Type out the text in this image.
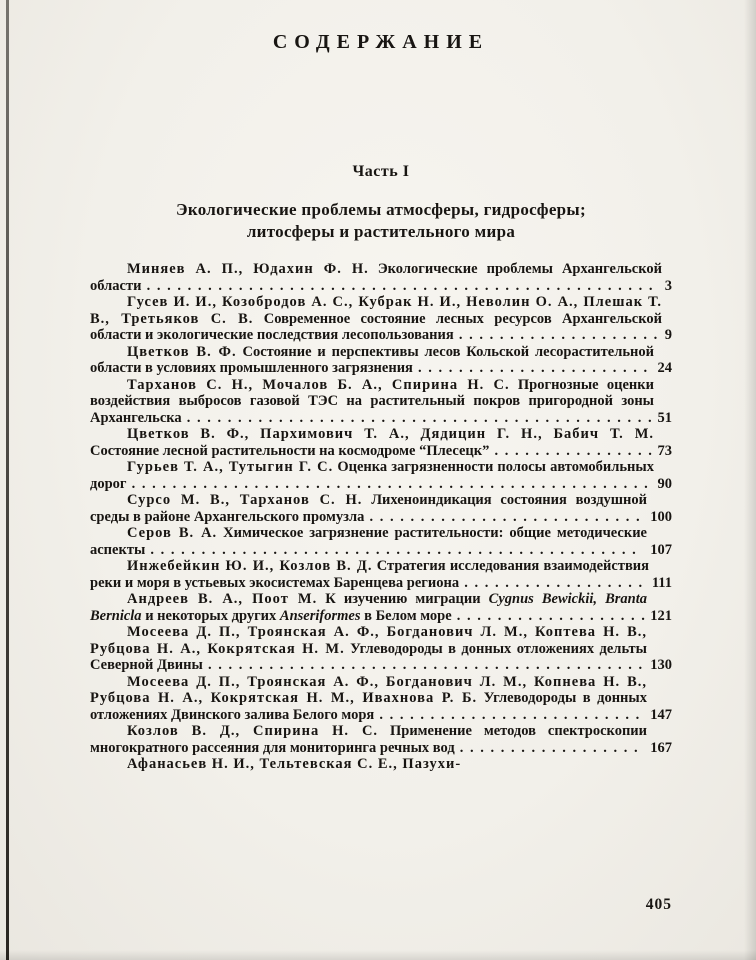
СОДЕРЖАНИЕ
Часть I
Экологические проблемы атмосферы, гидросферы;
литосферы и растительного мира

Миняев А. П., Юдахин Ф. Н. Экологические проблемы Архангельской области . . . . . . . . . . . . . . . . . . . . . . . . . . . . . . . . . . . . . . . . . . . . . . . . . . 3

Гусев И. И., Козобродов А. С., Кубрак Н. И., Неволин О. А., Плешак Т. В., Третьяков С. В. Современное состояние лесных ресурсов Архангельской области и экологические последствия лесопользования . . . . . . . . . . . . . . . . . . . . 9

Цветков В. Ф. Состояние и перспективы лесов Кольской лесорастительной области в условиях промышленного загрязнения . . . . . . . . . . . . . . . . . . . . . . . 24

Тарханов С. Н., Мочалов Б. А., Спирина Н. С. Прогнозные оценки воздействия выбросов газовой ТЭС на растительный покров пригородной зоны Архангельска . . . . . . . . . . . . . . . . . . . . . . . . . . . . . . . . . . . . . . . . . . . . . . 51

Цветков В. Ф., Пархимович Т. А., Дядицин Г. Н., Бабич Т. М. Состояние лесной растительности на космодроме “Плесецк” . . . . . . . . . . . . . . . . 73

Гурьев Т. А., Тутыгин Г. С. Оценка загрязненности полосы автомобильных дорог . . . . . . . . . . . . . . . . . . . . . . . . . . . . . . . . . . . . . . . . . . . . . . . . . . . 90

Сурсо М. В., Тарханов С. Н. Лихеноиндикация состояния воздушной среды в районе Архангельского промузла . . . . . . . . . . . . . . . . . . . . . . . . . . . 100

Серов В. А. Химическое загрязнение растительности: общие методические аспекты . . . . . . . . . . . . . . . . . . . . . . . . . . . . . . . . . . . . . . . . . . . . . . . . 107

Инжебейкин Ю. И., Козлов В. Д. Стратегия исследования взаимодействия реки и моря в устьевых экосистемах Баренцева региона . . . . . . . . . . . . . . . . . . 111

Андреев В. А., Поот М. К изучению миграции Cygnus Bewickii, Branta Bernicla и некоторых других Anseriformes в Белом море . . . . . . . . . . . . . . . . . . . 121

Мосеева Д. П., Троянская А. Ф., Богданович Л. М., Коптева Н. В., Рубцова Н. А., Кокрятская Н. М. Углеводороды в донных отложениях дельты Северной Двины . . . . . . . . . . . . . . . . . . . . . . . . . . . . . . . . . . . . . . . . . . . 130

Мосеева Д. П., Троянская А. Ф., Богданович Л. М., Копнева Н. В., Рубцова Н. А., Кокрятская Н. М., Ивахнова Р. Б. Углеводороды в донных отложениях Двинского залива Белого моря . . . . . . . . . . . . . . . . . . . . . . . . . . 147

Козлов В. Д., Спирина Н. С. Применение методов спектроскопии многократного рассеяния для мониторинга речных вод . . . . . . . . . . . . . . . . . . 167

Афанасьев Н. И., Тельтевская С. Е., Пазухи-

405
